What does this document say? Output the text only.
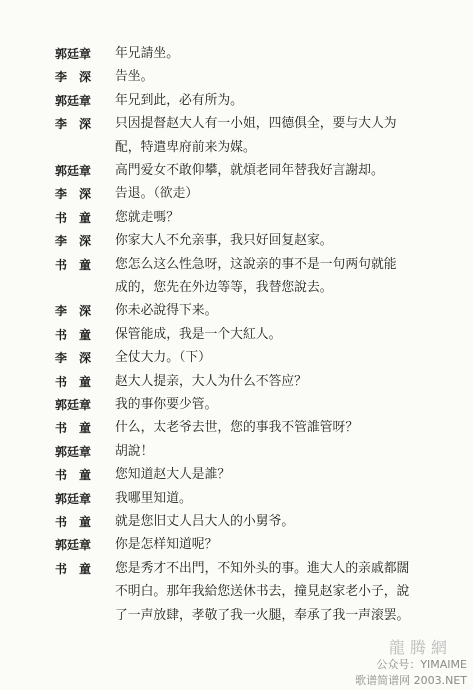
郭廷章	年兄請坐。
李　深	告坐。
郭廷章	年兄到此，必有所为。
李　深	只因提督赵大人有一小姐，四德俱全，要与大人为
配，特遣卑府前来为媒。
郭廷章	高門爱女不敢仰攀，就煩老同年替我好言謝却。
李　深	告退。（欲走）
书　童	您就走嗎？
李　深	你家大人不允亲事，我只好回复赵家。
书　童	您怎么这么性急呀，这說亲的事不是一句两句就能
成的，您先在外边等等，我替您說去。
李　深	你未必說得下来。
书　童	保管能成，我是一个大紅人。
李　深	全仗大力。（下）
书　童	赵大人提亲，大人为什么不答应？
郭廷章	我的事你要少管。
书　童	什么，太老爷去世，您的事我不管誰管呀？
郭廷章	胡說！
书　童	您知道赵大人是誰？
郭廷章	我哪里知道。
书　童	就是您旧丈人吕大人的小舅爷。
郭廷章	你是怎样知道呢？
书　童	您是秀才不出門，不知外头的事。進大人的亲戚都闊
不明白。那年我給您送休书去，撞見赵家老小子，說
了一声放肆，孝敬了我一火腿，奉承了我一声滚罢。
龍 腾 網
公众号：YIMAIME
歌谱简谱网 2003.NET
